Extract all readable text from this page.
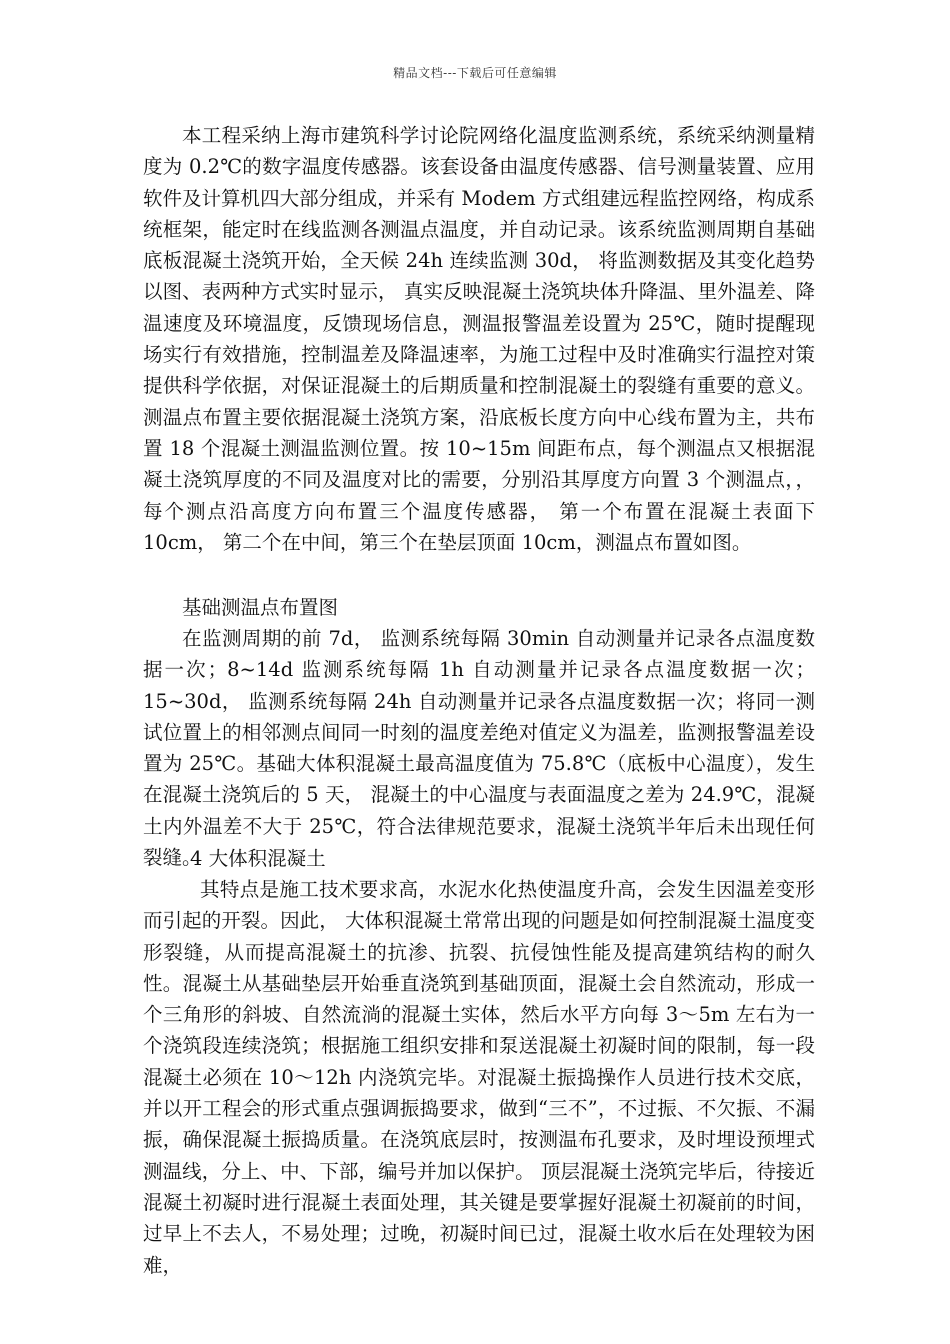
精品文档---下载后可任意编辑

本工程采纳上海市建筑科学讨论院网络化温度监测系统，系统采纳测量精度为 0.2℃的数字温度传感器。该套设备由温度传感器、信号测量装置、应用软件及计算机四大部分组成，并采有 Modem 方式组建远程监控网络，构成系统框架，能定时在线监测各测温点温度，并自动记录。该系统监测周期自基础底板混凝土浇筑开始，全天候 24h 连续监测 30d， 将监测数据及其变化趋势以图、表两种方式实时显示， 真实反映混凝土浇筑块体升降温、里外温差、降温速度及环境温度，反馈现场信息，测温报警温差设置为 25℃，随时提醒现场实行有效措施，控制温差及降温速率，为施工过程中及时准确实行温控对策提供科学依据，对保证混凝土的后期质量和控制混凝土的裂缝有重要的意义。测温点布置主要依据混凝土浇筑方案，沿底板长度方向中心线布置为主，共布置 18 个混凝土测温监测位置。按 10~15m 间距布点，每个测温点又根据混凝土浇筑厚度的不同及温度对比的需要，分别沿其厚度方向置 3 个测温点，，每个测点沿高度方向布置三个温度传感器， 第一个布置在混凝土表面下 10cm， 第二个在中间，第三个在垫层顶面 10cm，测温点布置如图。

基础测温点布置图

在监测周期的前 7d， 监测系统每隔 30min 自动测量并记录各点温度数据一次；8~14d 监测系统每隔 1h 自动测量并记录各点温度数据一次；15~30d， 监测系统每隔 24h 自动测量并记录各点温度数据一次；将同一测试位置上的相邻测点间同一时刻的温度差绝对值定义为温差，监测报警温差设置为 25℃。基础大体积混凝土最高温度值为 75.8℃（底板中心温度），发生在混凝土浇筑后的 5 天， 混凝土的中心温度与表面温度之差为 24.9℃，混凝土内外温差不大于 25℃，符合法律规范要求，混凝土浇筑半年后未出现任何裂缝。

4 大体积混凝土

其特点是施工技术要求高，水泥水化热使温度升高，会发生因温差变形而引起的开裂。因此， 大体积混凝土常常出现的问题是如何控制混凝土温度变形裂缝，从而提高混凝土的抗渗、抗裂、抗侵蚀性能及提高建筑结构的耐久性。混凝土从基础垫层开始垂直浇筑到基础顶面，混凝土会自然流动，形成一个三角形的斜坡、自然流淌的混凝土实体，然后水平方向每 3～5m 左右为一个浇筑段连续浇筑；根据施工组织安排和泵送混凝土初凝时间的限制，每一段混凝土必须在 10～12h 内浇筑完毕。对混凝土振捣操作人员进行技术交底，并以开工程会的形式重点强调振捣要求，做到“三不”，不过振、不欠振、不漏振，确保混凝土振捣质量。在浇筑底层时，按测温布孔要求，及时埋设预埋式测温线，分上、中、下部，编号并加以保护。 顶层混凝土浇筑完毕后，待接近混凝土初凝时进行混凝土表面处理，其关键是要掌握好混凝土初凝前的时间，过早上不去人，不易处理；过晚，初凝时间已过，混凝土收水后在处理较为困难，
